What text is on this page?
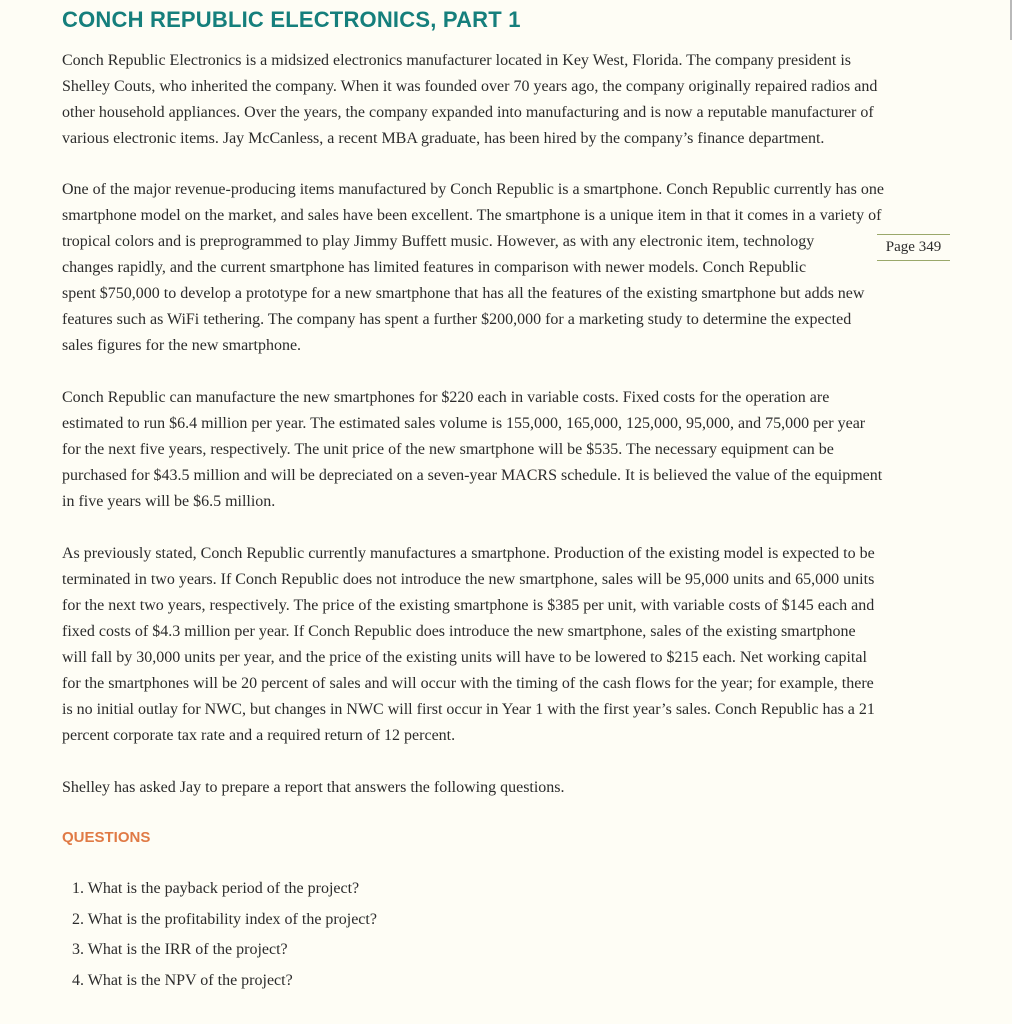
CONCH REPUBLIC ELECTRONICS, PART 1

Conch Republic Electronics is a midsized electronics manufacturer located in Key West, Florida. The company president is
Shelley Couts, who inherited the company. When it was founded over 70 years ago, the company originally repaired radios and
other household appliances. Over the years, the company expanded into manufacturing and is now a reputable manufacturer of
various electronic items. Jay McCanless, a recent MBA graduate, has been hired by the company’s finance department.

One of the major revenue-producing items manufactured by Conch Republic is a smartphone. Conch Republic currently has one
smartphone model on the market, and sales have been excellent. The smartphone is a unique item in that it comes in a variety of
tropical colors and is preprogrammed to play Jimmy Buffett music. However, as with any electronic item, technology
changes rapidly, and the current smartphone has limited features in comparison with newer models. Conch Republic
spent $750,000 to develop a prototype for a new smartphone that has all the features of the existing smartphone but adds new
features such as WiFi tethering. The company has spent a further $200,000 for a marketing study to determine the expected
sales figures for the new smartphone.

Page 349

Conch Republic can manufacture the new smartphones for $220 each in variable costs. Fixed costs for the operation are
estimated to run $6.4 million per year. The estimated sales volume is 155,000, 165,000, 125,000, 95,000, and 75,000 per year
for the next five years, respectively. The unit price of the new smartphone will be $535. The necessary equipment can be
purchased for $43.5 million and will be depreciated on a seven-year MACRS schedule. It is believed the value of the equipment
in five years will be $6.5 million.

As previously stated, Conch Republic currently manufactures a smartphone. Production of the existing model is expected to be
terminated in two years. If Conch Republic does not introduce the new smartphone, sales will be 95,000 units and 65,000 units
for the next two years, respectively. The price of the existing smartphone is $385 per unit, with variable costs of $145 each and
fixed costs of $4.3 million per year. If Conch Republic does introduce the new smartphone, sales of the existing smartphone
will fall by 30,000 units per year, and the price of the existing units will have to be lowered to $215 each. Net working capital
for the smartphones will be 20 percent of sales and will occur with the timing of the cash flows for the year; for example, there
is no initial outlay for NWC, but changes in NWC will first occur in Year 1 with the first year’s sales. Conch Republic has a 21
percent corporate tax rate and a required return of 12 percent.

Shelley has asked Jay to prepare a report that answers the following questions.

QUESTIONS
1. What is the payback period of the project?
2. What is the profitability index of the project?
3. What is the IRR of the project?
4. What is the NPV of the project?
